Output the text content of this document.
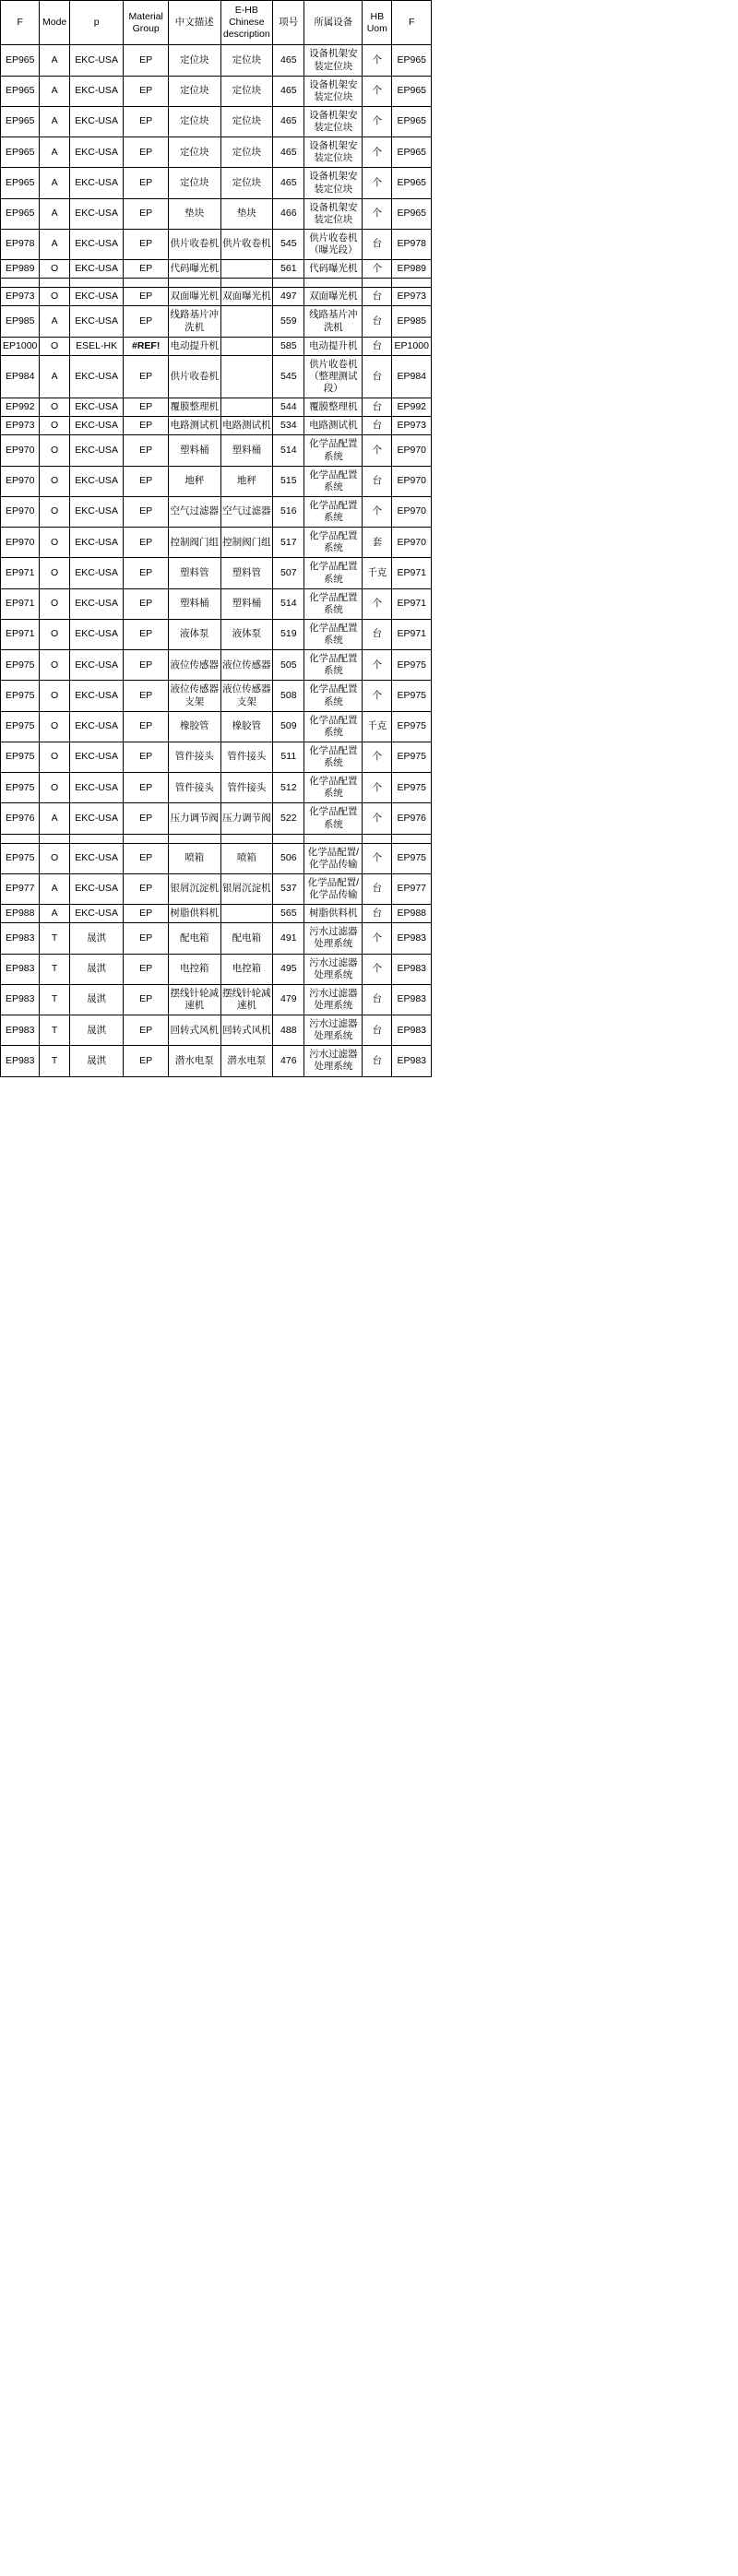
F	Mode	p	Material Group	中文描述	E-HB Chinese description	项号	所属设备	HB Uom	F
EP965	A	EKC-USA	EP	定位块	定位块	465	设备机架安装定位块	个	EP965
EP965	A	EKC-USA	EP	定位块	定位块	465	设备机架安装定位块	个	EP965
EP965	A	EKC-USA	EP	定位块	定位块	465	设备机架安装定位块	个	EP965
EP965	A	EKC-USA	EP	定位块	定位块	465	设备机架安装定位块	个	EP965
EP965	A	EKC-USA	EP	定位块	定位块	465	设备机架安装定位块	个	EP965
EP965	A	EKC-USA	EP	垫块	垫块	466	设备机架安装定位块	个	EP965
EP978	A	EKC-USA	EP	供片收卷机	供片收卷机	545	供片收卷机（曝光段）	台	EP978
EP989	O	EKC-USA	EP	代码曝光机		561	代码曝光机	个	EP989

EP973	O	EKC-USA	EP	双面曝光机	双面曝光机	497	双面曝光机	台	EP973
EP985	A	EKC-USA	EP	线路基片冲洗机		559	线路基片冲洗机	台	EP985
EP1000	O	ESEL-HK	#REF!	电动提升机		585	电动提升机	台	EP1000
EP984	A	EKC-USA	EP	供片收卷机		545	供片收卷机（整理测试段）	台	EP984
EP992	O	EKC-USA	EP	覆膜整理机		544	覆膜整理机	台	EP992
EP973	O	EKC-USA	EP	电路测试机	电路测试机	534	电路测试机	台	EP973
EP970	O	EKC-USA	EP	塑料桶	塑料桶	514	化学品配置系统	个	EP970
EP970	O	EKC-USA	EP	地秤	地秤	515	化学品配置系统	台	EP970
EP970	O	EKC-USA	EP	空气过滤器	空气过滤器	516	化学品配置系统	个	EP970
EP970	O	EKC-USA	EP	控制阀门组	控制阀门组	517	化学品配置系统	套	EP970
EP971	O	EKC-USA	EP	塑料管	塑料管	507	化学品配置系统	千克	EP971
EP971	O	EKC-USA	EP	塑料桶	塑料桶	514	化学品配置系统	个	EP971
EP971	O	EKC-USA	EP	液体泵	液体泵	519	化学品配置系统	台	EP971
EP975	O	EKC-USA	EP	液位传感器	液位传感器	505	化学品配置系统	个	EP975
EP975	O	EKC-USA	EP	液位传感器支架	液位传感器支架	508	化学品配置系统	个	EP975
EP975	O	EKC-USA	EP	橡胶管	橡胶管	509	化学品配置系统	千克	EP975
EP975	O	EKC-USA	EP	管件接头	管件接头	511	化学品配置系统	个	EP975
EP975	O	EKC-USA	EP	管件接头	管件接头	512	化学品配置系统	个	EP975
EP976	A	EKC-USA	EP	压力调节阀	压力调节阀	522	化学品配置系统	个	EP976

EP975	O	EKC-USA	EP	喷箱	喷箱	506	化学品配置/化学品传输	个	EP975
EP977	A	EKC-USA	EP	银屑沉淀机	银屑沉淀机	537	化学品配置/化学品传输	台	EP977
EP988	A	EKC-USA	EP	树脂供料机		565	树脂供料机	台	EP988
EP983	T	晟淇	EP	配电箱	配电箱	491	污水过滤器处理系统	个	EP983
EP983	T	晟淇	EP	电控箱	电控箱	495	污水过滤器处理系统	个	EP983
EP983	T	晟淇	EP	摆线针轮减速机	摆线针轮减速机	479	污水过滤器处理系统	台	EP983
EP983	T	晟淇	EP	回转式风机	回转式风机	488	污水过滤器处理系统	台	EP983
EP983	T	晟淇	EP	潜水电泵	潜水电泵	476	污水过滤器处理系统	台	EP983
